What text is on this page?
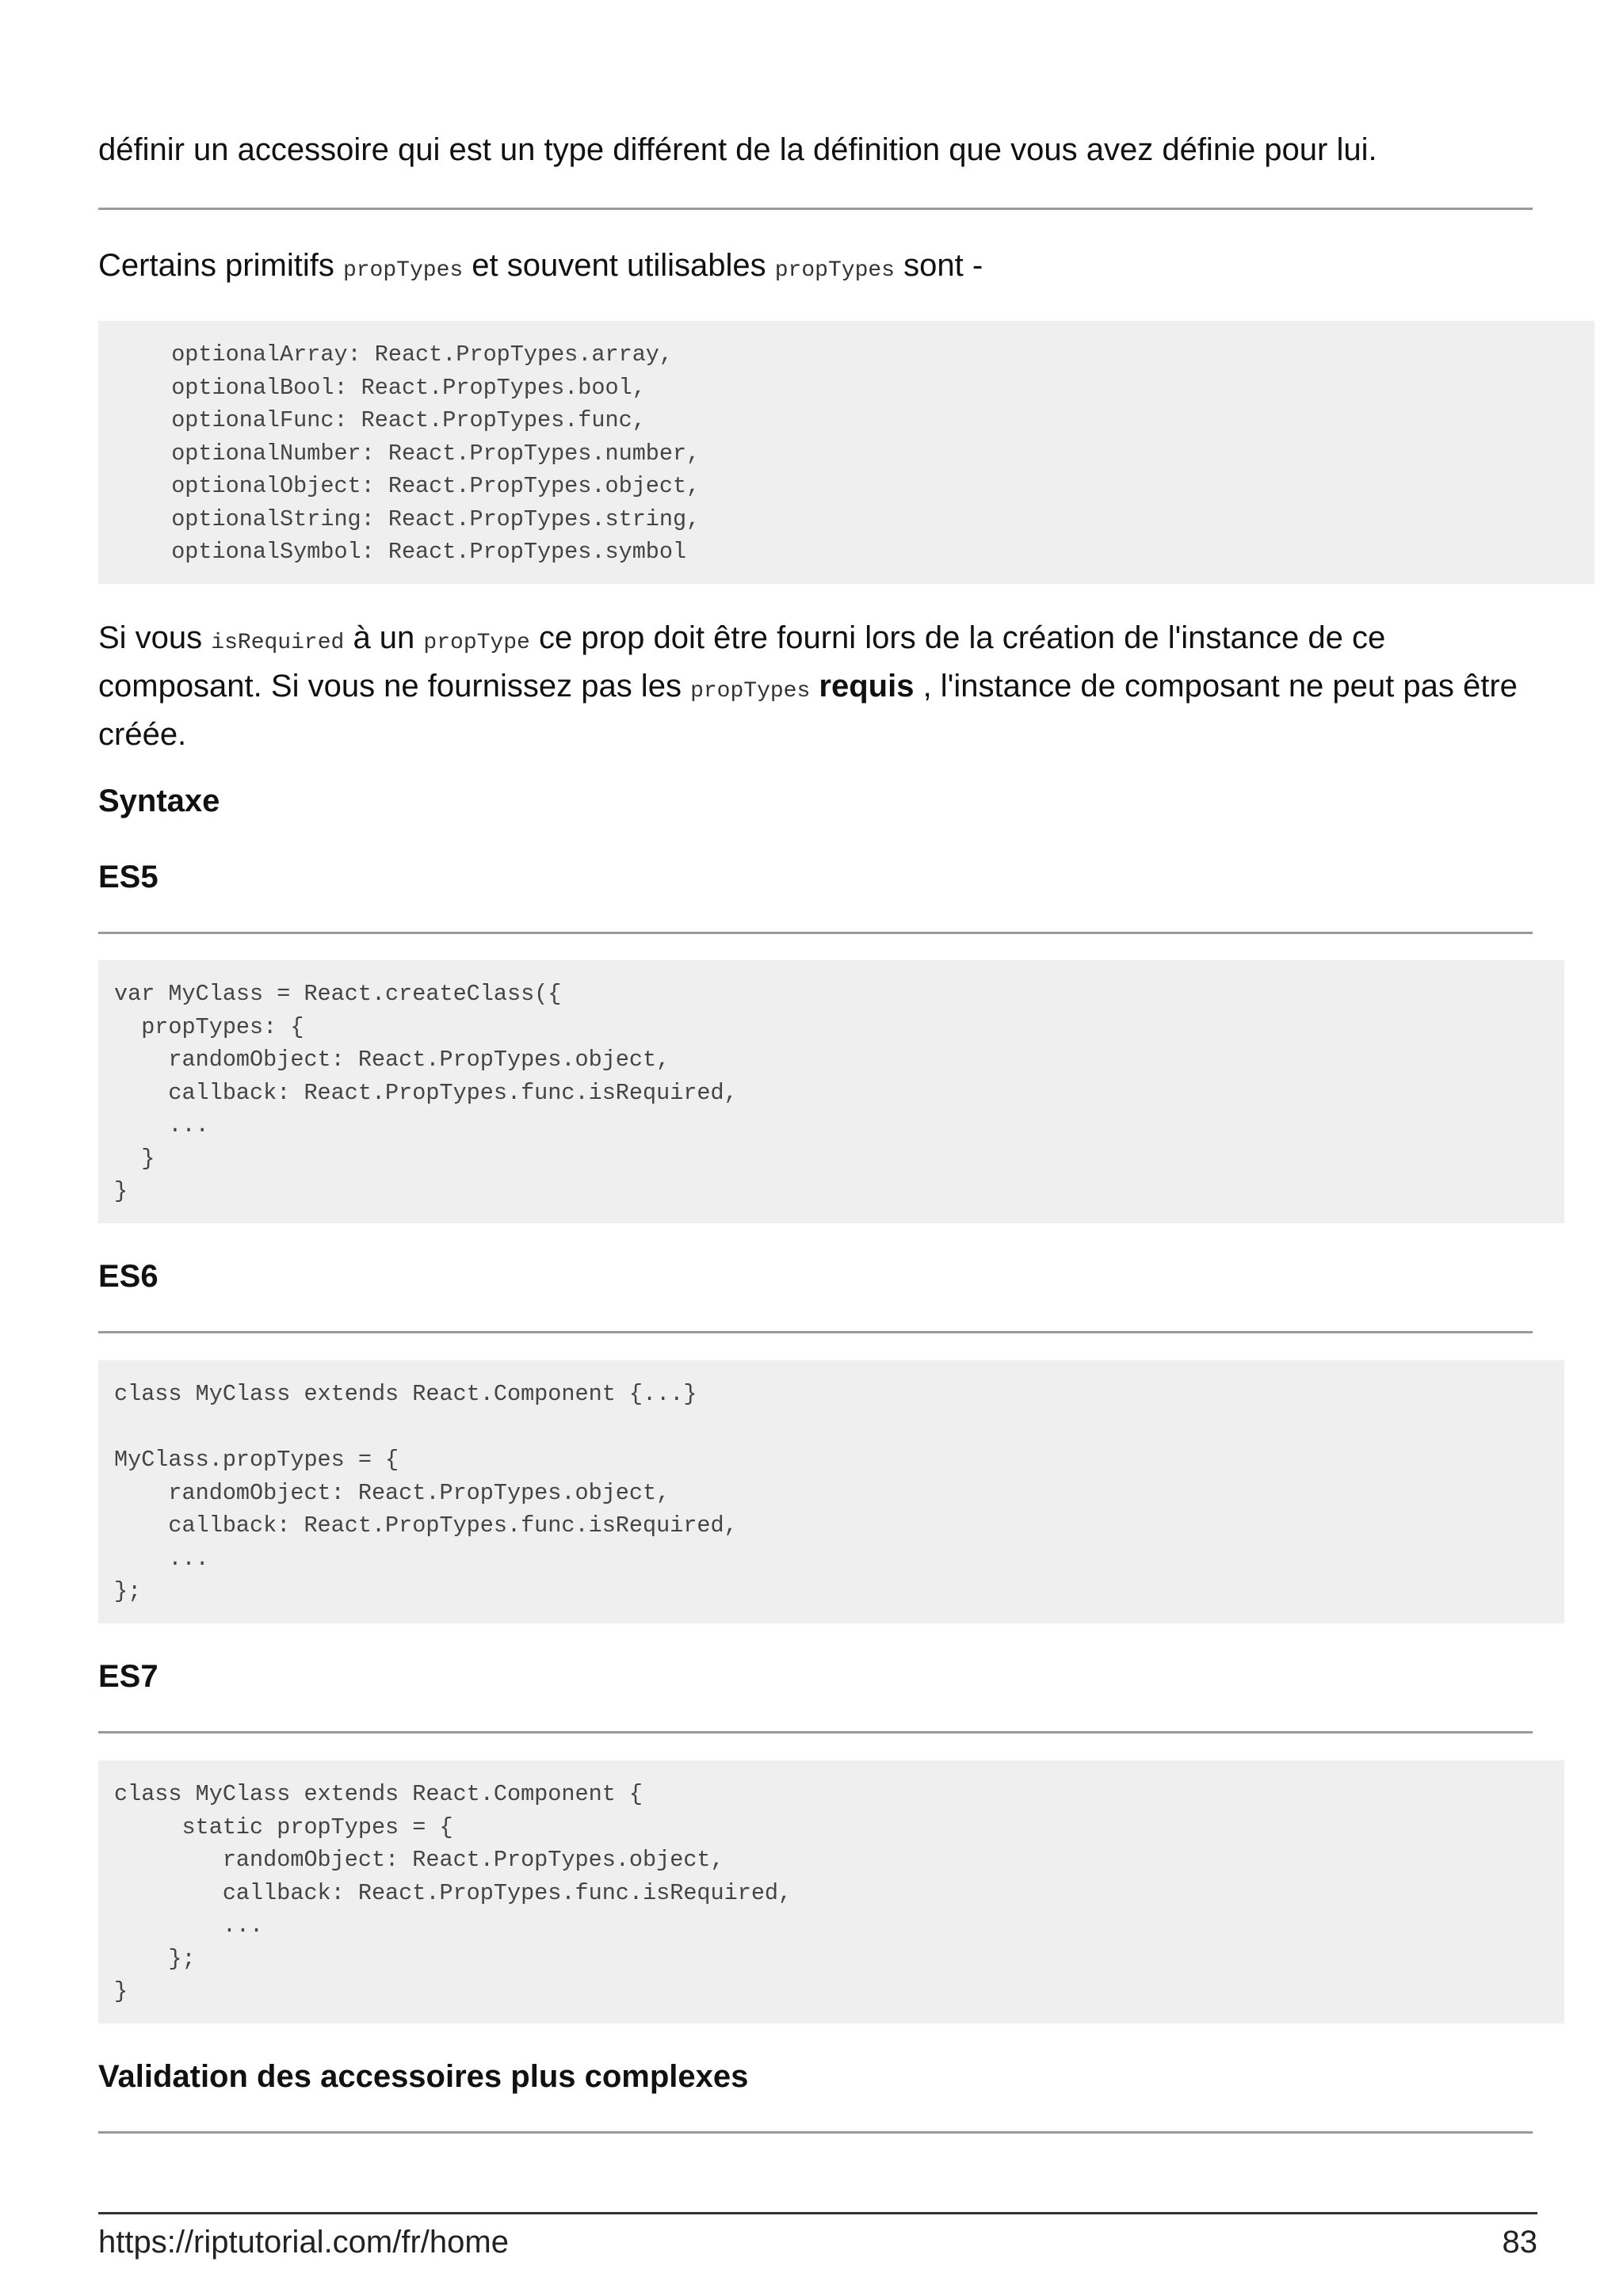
définir un accessoire qui est un type différent de la définition que vous avez définie pour lui.

Certains primitifs propTypes et souvent utilisables propTypes sont -

optionalArray: React.PropTypes.array,
optionalBool: React.PropTypes.bool,
optionalFunc: React.PropTypes.func,
optionalNumber: React.PropTypes.number,
optionalObject: React.PropTypes.object,
optionalString: React.PropTypes.string,
optionalSymbol: React.PropTypes.symbol

Si vous isRequired à un propType ce prop doit être fourni lors de la création de l'instance de ce composant. Si vous ne fournissez pas les propTypes requis , l'instance de composant ne peut pas être créée.

Syntaxe
ES5
var MyClass = React.createClass({
propTypes: {
randomObject: React.PropTypes.object,
callback: React.PropTypes.func.isRequired,
...
}
}
ES6
class MyClass extends React.Component {...}

MyClass.propTypes = {
randomObject: React.PropTypes.object,
callback: React.PropTypes.func.isRequired,
...
};
ES7
class MyClass extends React.Component {
static propTypes = {
randomObject: React.PropTypes.object,
callback: React.PropTypes.func.isRequired,
...
};
}
Validation des accessoires plus complexes
https://riptutorial.com/fr/home	83
